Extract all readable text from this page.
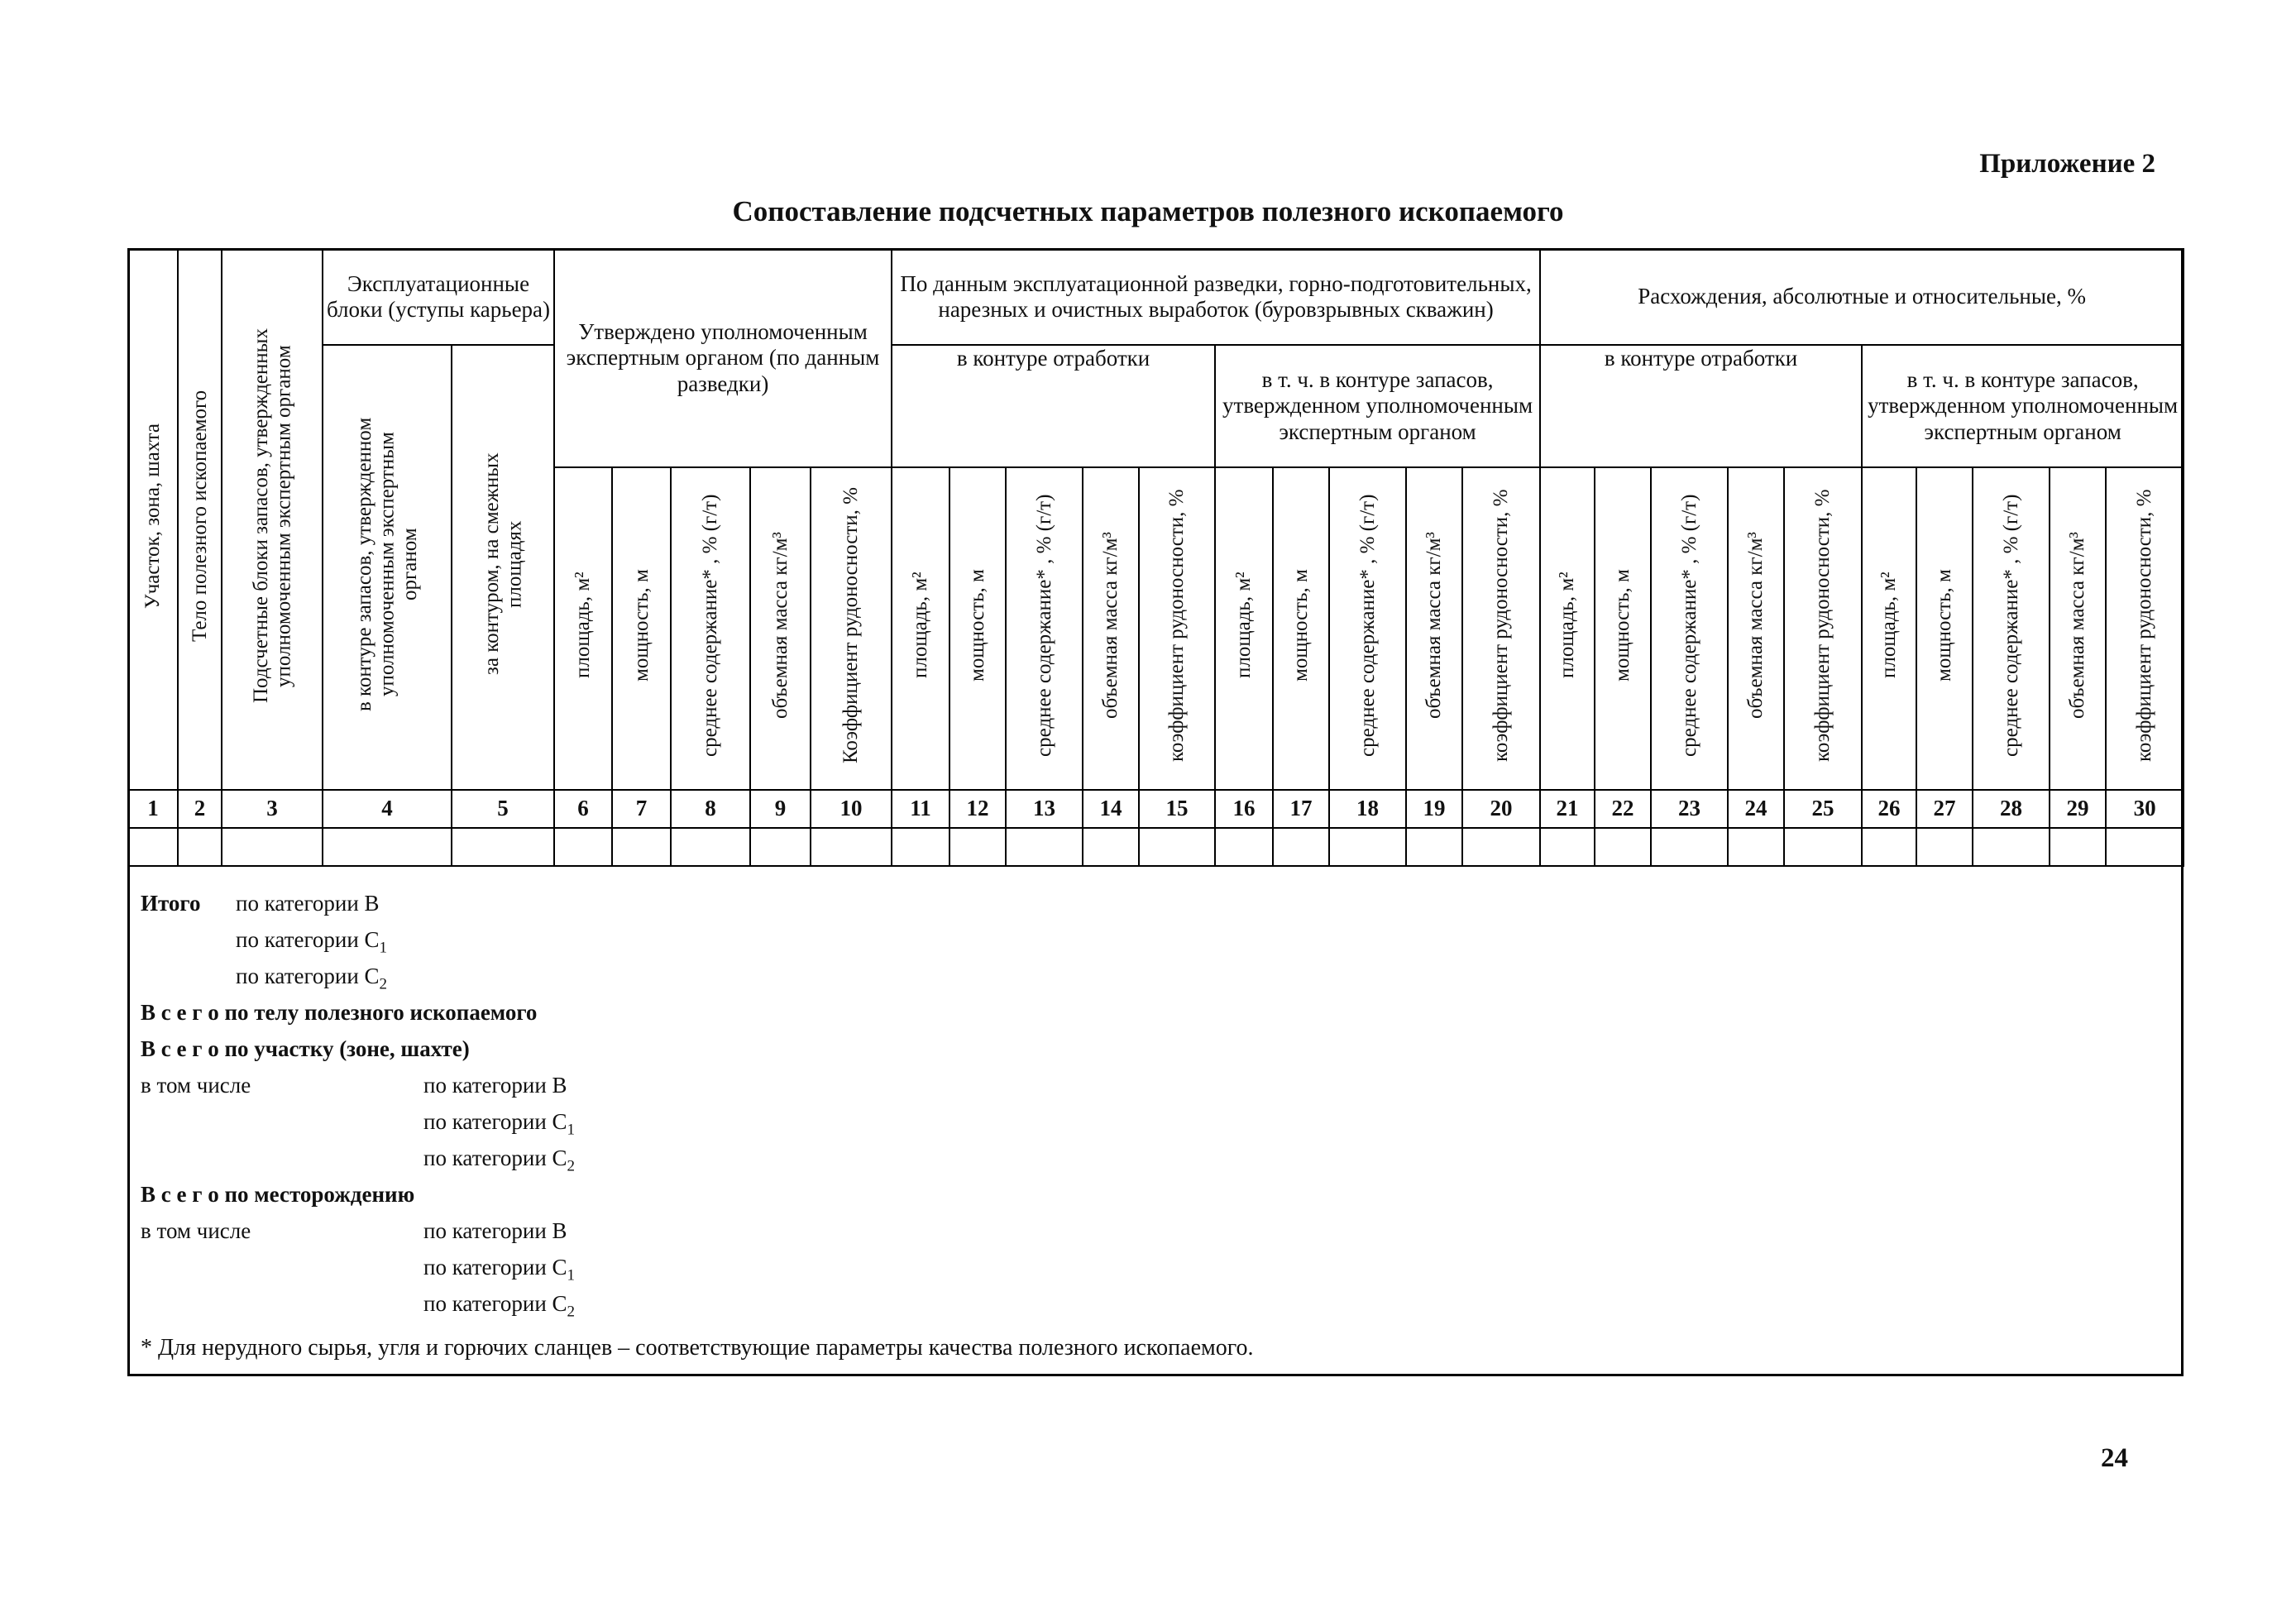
Приложение 2
Сопоставление подсчетных параметров полезного ископаемого
Участок, зона, шахта	Тело полезного ископаемого	Подсчетные блоки запасов, утвержденных уполномоченным экспертным органом	Эксплуатационные блоки (уступы карьера)		Утверждено уполномоченным экспертным органом (по данным разведки)					По данным эксплуатационной разведки, горно-подготовительных, нарезных и очистных выработок (буровзрывных скважин)										Расхождения, абсолютные и относительные, %									
			в контуре запасов, утвержденном уполномоченным экспертным органом	за контуром, на смежных площадях						в контуре отработки					в т. ч. в контуре запасов, утвержденном уполномоченным экспертным органом					в контуре отработки					в т. ч. в контуре запасов, утвержденном уполномоченным экспертным органом				
					площадь, м²	мощность, м	среднее содержание* , % (г/т)	объемная масса кг/м³	Коэффициент рудоносности, %	площадь, м²	мощность, м	среднее содержание* , % (г/т)	объемная масса кг/м³	коэффициент рудоносности, %	площадь, м²	мощность, м	среднее содержание* , % (г/т)	объемная масса кг/м³	коэффициент рудоносности, %	площадь, м²	мощность, м	среднее содержание* , % (г/т)	объемная масса кг/м³	коэффициент рудоносности, %	площадь, м²	мощность, м	среднее содержание* , % (г/т)	объемная масса кг/м³	коэффициент рудоносности, %
1	2	3	4	5	6	7	8	9	10	11	12	13	14	15	16	17	18	19	20	21	22	23	24	25	26	27	28	29	30

Итого по категории В
по категории $С_1$
по категории $С_2$
В с е г о по телу полезного ископаемого
В с е г о по участку (зоне, шахте)
в том числе	по категории В
по категории $С_1$
по категории $С_2$
В с е г о по месторождению
в том числе	по категории В
по категории $С_1$
по категории $С_2$
* Для нерудного сырья, угля и горючих сланцев – соответствующие параметры качества полезного ископаемого.
24
